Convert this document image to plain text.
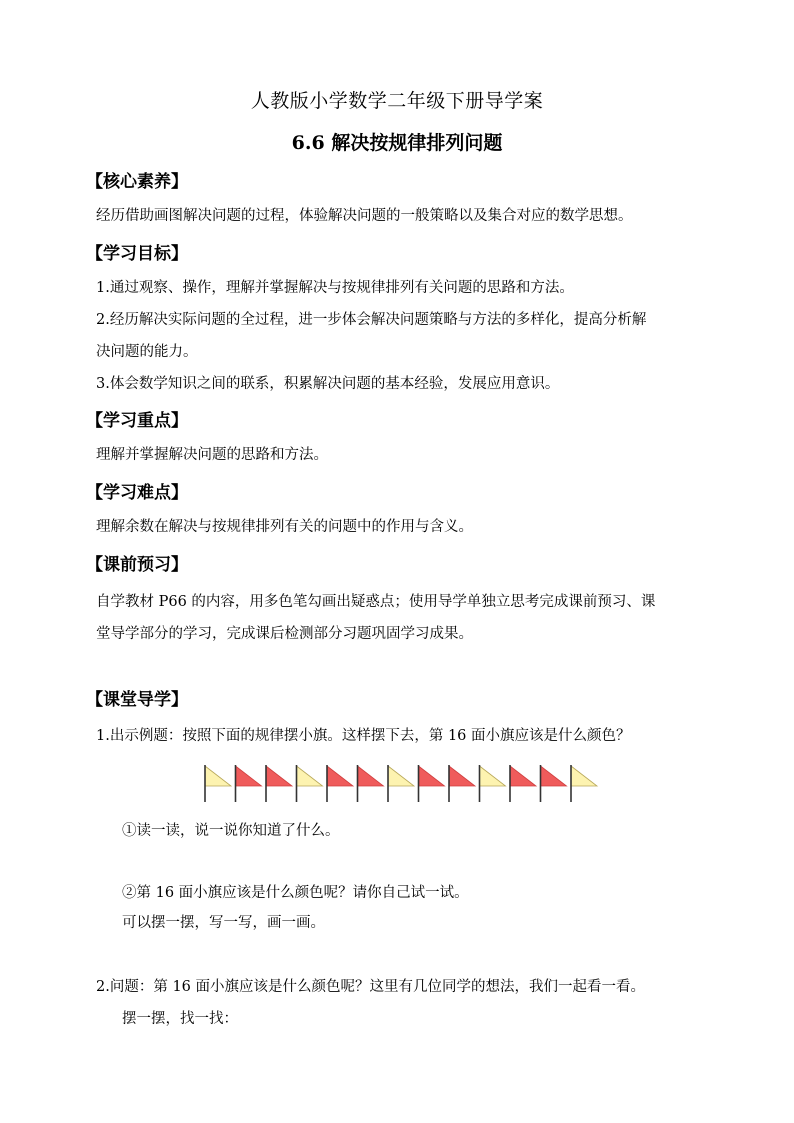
人教版小学数学二年级下册导学案
6.6 解决按规律排列问题
【核心素养】
经历借助画图解决问题的过程，体验解决问题的一般策略以及集合对应的数学思想。
【学习目标】
1.通过观察、操作，理解并掌握解决与按规律排列有关问题的思路和方法。
2.经历解决实际问题的全过程，进一步体会解决问题策略与方法的多样化，提高分析解
决问题的能力。
3.体会数学知识之间的联系，积累解决问题的基本经验，发展应用意识。
【学习重点】
理解并掌握解决问题的思路和方法。
【学习难点】
理解余数在解决与按规律排列有关的问题中的作用与含义。
【课前预习】
自学教材 P66 的内容，用多色笔勾画出疑惑点；使用导学单独立思考完成课前预习、课
堂导学部分的学习，完成课后检测部分习题巩固学习成果。
【课堂导学】
1.出示例题：按照下面的规律摆小旗。这样摆下去，第 16 面小旗应该是什么颜色？
①读一读，说一说你知道了什么。
②第 16 面小旗应该是什么颜色呢？请你自己试一试。
可以摆一摆，写一写，画一画。
2.问题：第 16 面小旗应该是什么颜色呢？这里有几位同学的想法，我们一起看一看。
摆一摆，找一找：
